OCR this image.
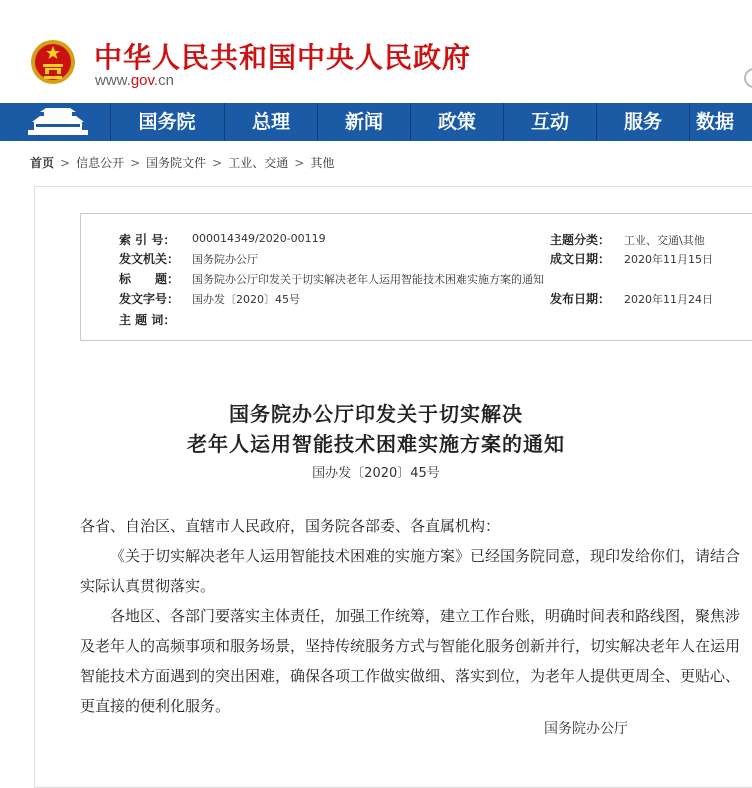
中华人民共和国中央人民政府
www.gov.cn
国务院	总理	新闻	政策	互动	服务	数据
首页 > 信息公开 > 国务院文件 > 工业、交通 > 其他
索 引 号： 000014349/2020-00119	主题分类： 工业、交通\其他
发文机关： 国务院办公厅	成文日期： 2020年11月15日
标　　题： 国务院办公厅印发关于切实解决老年人运用智能技术困难实施方案的通知
发文字号： 国办发〔2020〕45号	发布日期： 2020年11月24日
主 题 词：
国务院办公厅印发关于切实解决
老年人运用智能技术困难实施方案的通知
国办发〔2020〕45号
各省、自治区、直辖市人民政府，国务院各部委、各直属机构：
《关于切实解决老年人运用智能技术困难的实施方案》已经国务院同意，现印发给你们，请结合实际认真贯彻落实。
各地区、各部门要落实主体责任，加强工作统筹，建立工作台账，明确时间表和路线图，聚焦涉及老年人的高频事项和服务场景，坚持传统服务方式与智能化服务创新并行，切实解决老年人在运用智能技术方面遇到的突出困难，确保各项工作做实做细、落实到位，为老年人提供更周全、更贴心、更直接的便利化服务。
国务院办公厅
